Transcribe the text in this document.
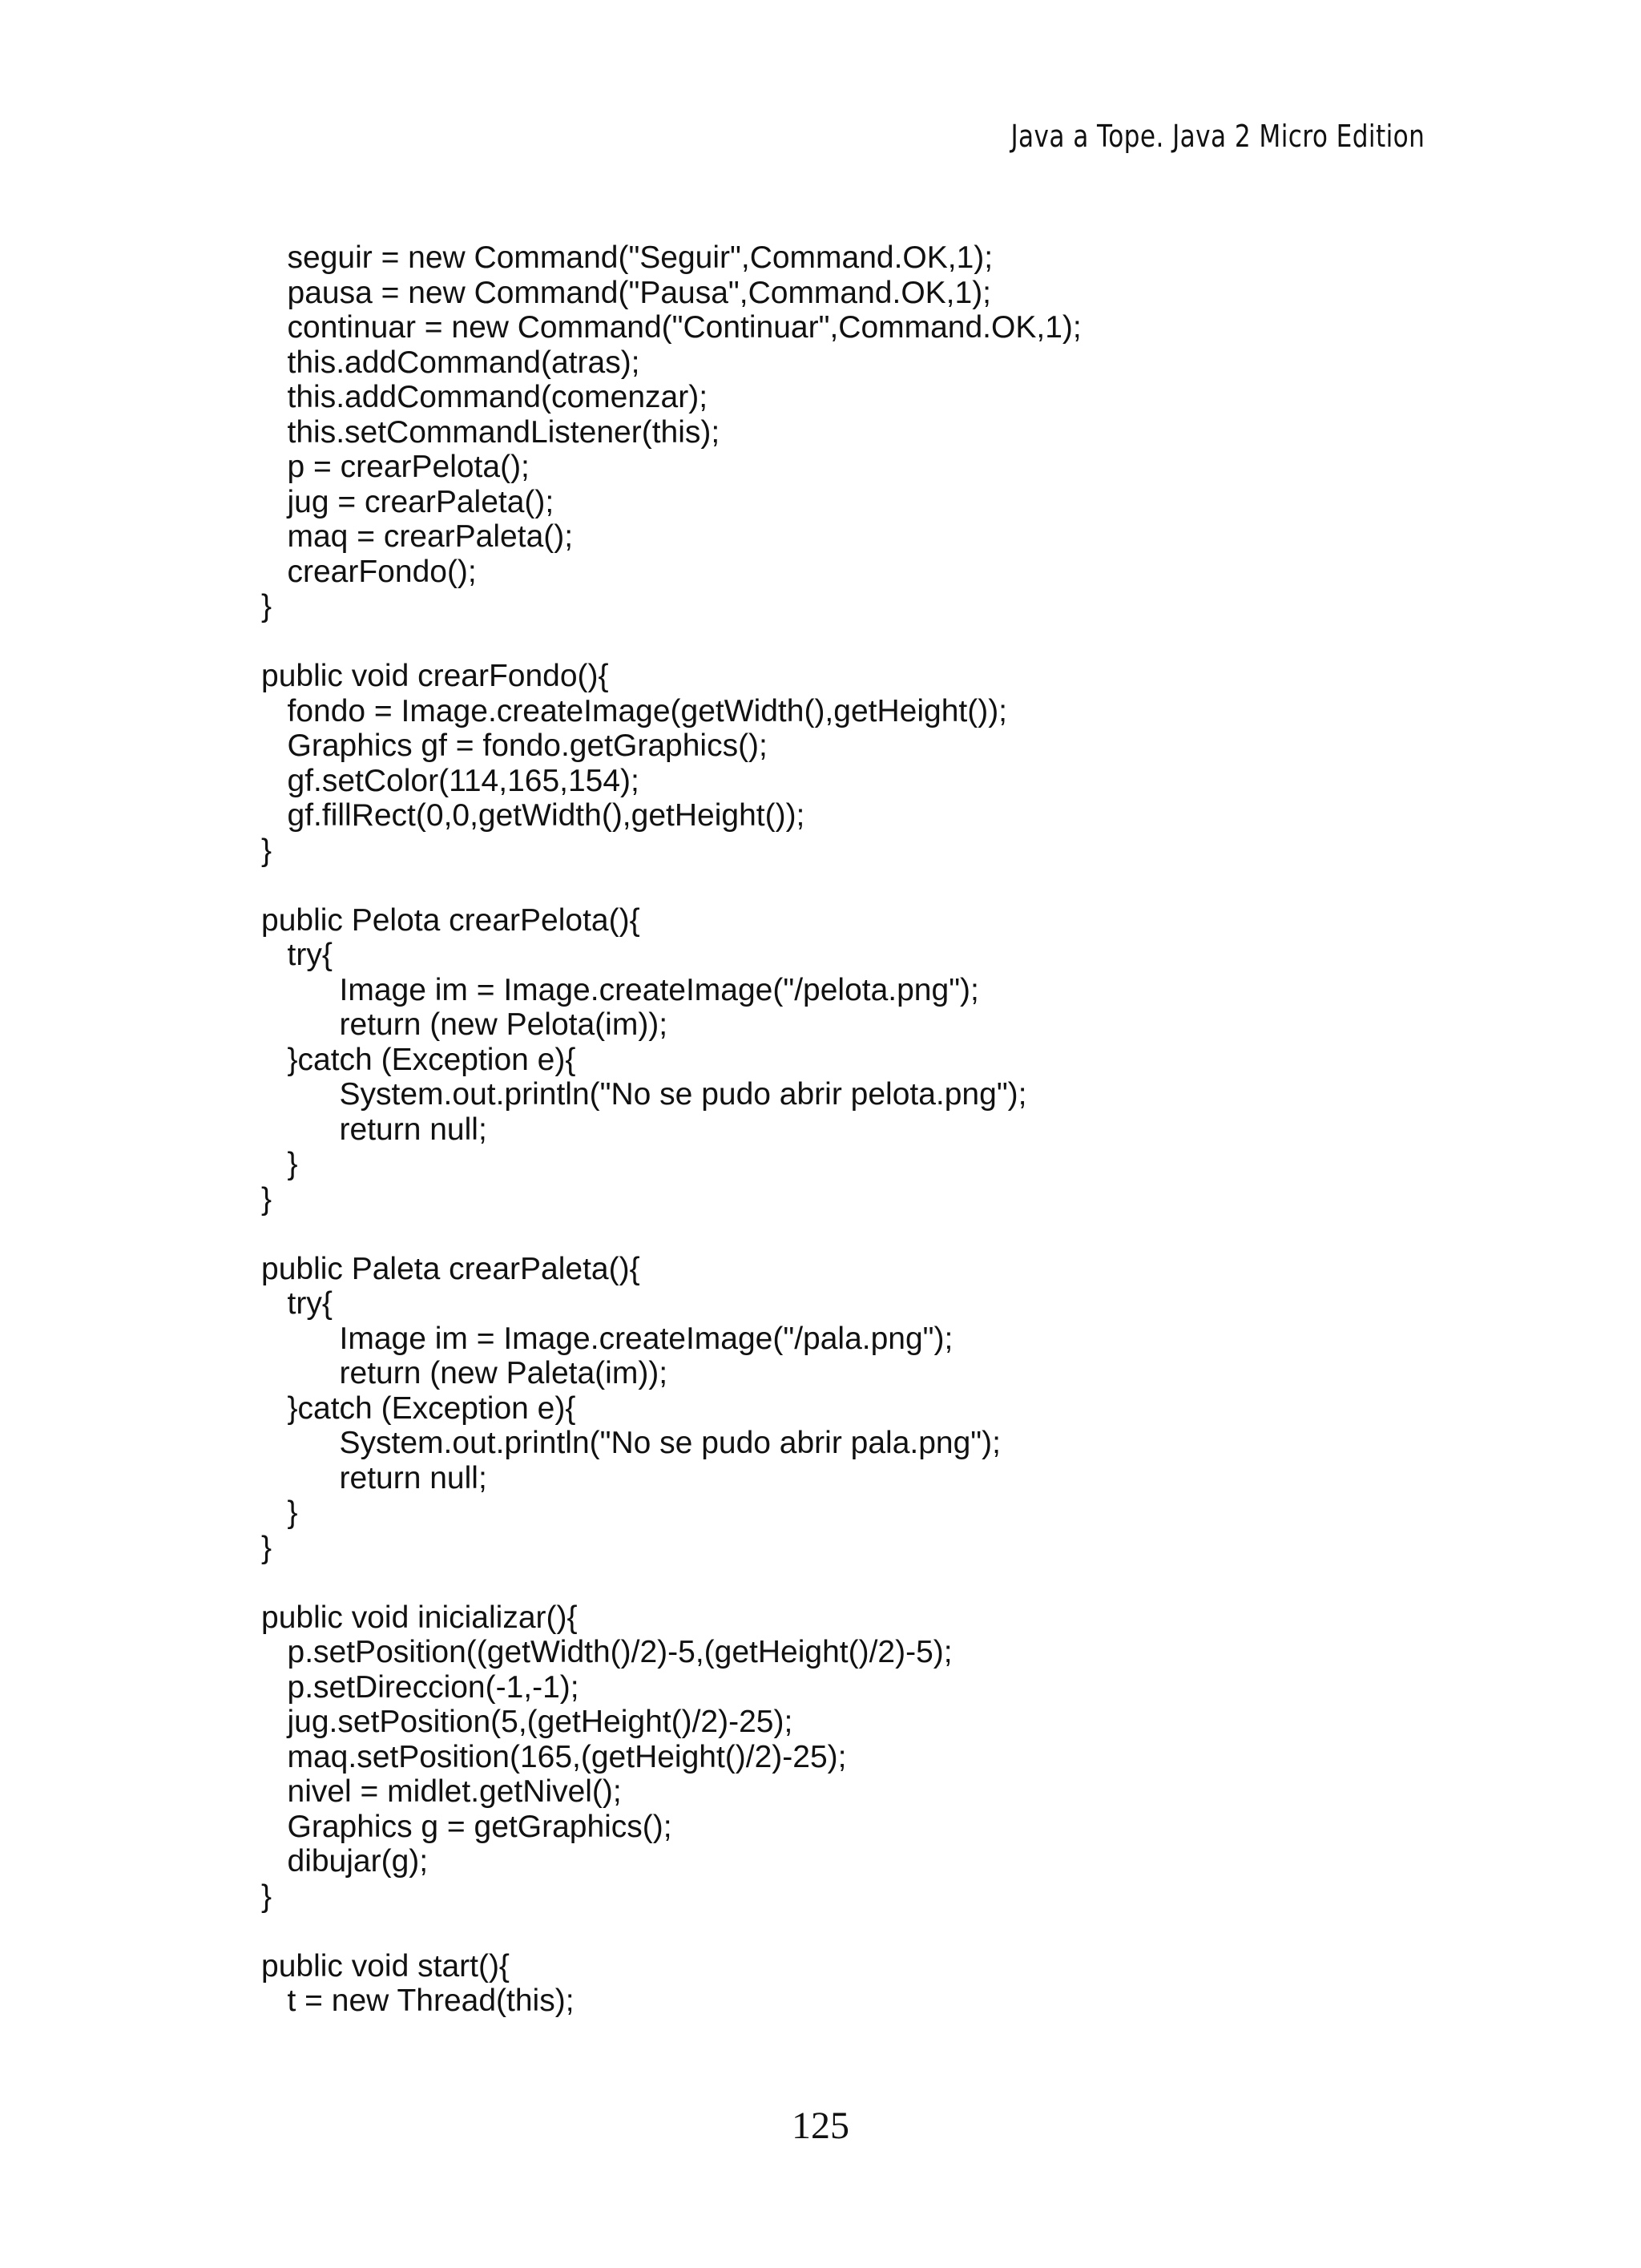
Java a Tope. Java 2 Micro Edition
seguir = new Command("Seguir",Command.OK,1);
pausa = new Command("Pausa",Command.OK,1);
continuar = new Command("Continuar",Command.OK,1);
this.addCommand(atras);
this.addCommand(comenzar);
this.setCommandListener(this);
p = crearPelota();
jug = crearPaleta();
maq = crearPaleta();
crearFondo();
}
public void crearFondo(){
fondo = Image.createImage(getWidth(),getHeight());
Graphics gf = fondo.getGraphics();
gf.setColor(114,165,154);
gf.fillRect(0,0,getWidth(),getHeight());
}
public Pelota crearPelota(){
try{
Image im = Image.createImage("/pelota.png");
return (new Pelota(im));
}catch (Exception e){
System.out.println("No se pudo abrir pelota.png");
return null;
}
}
public Paleta crearPaleta(){
try{
Image im = Image.createImage("/pala.png");
return (new Paleta(im));
}catch (Exception e){
System.out.println("No se pudo abrir pala.png");
return null;
}
}
public void inicializar(){
p.setPosition((getWidth()/2)-5,(getHeight()/2)-5);
p.setDireccion(-1,-1);
jug.setPosition(5,(getHeight()/2)-25);
maq.setPosition(165,(getHeight()/2)-25);
nivel = midlet.getNivel();
Graphics g = getGraphics();
dibujar(g);
}
public void start(){
t = new Thread(this);
125
